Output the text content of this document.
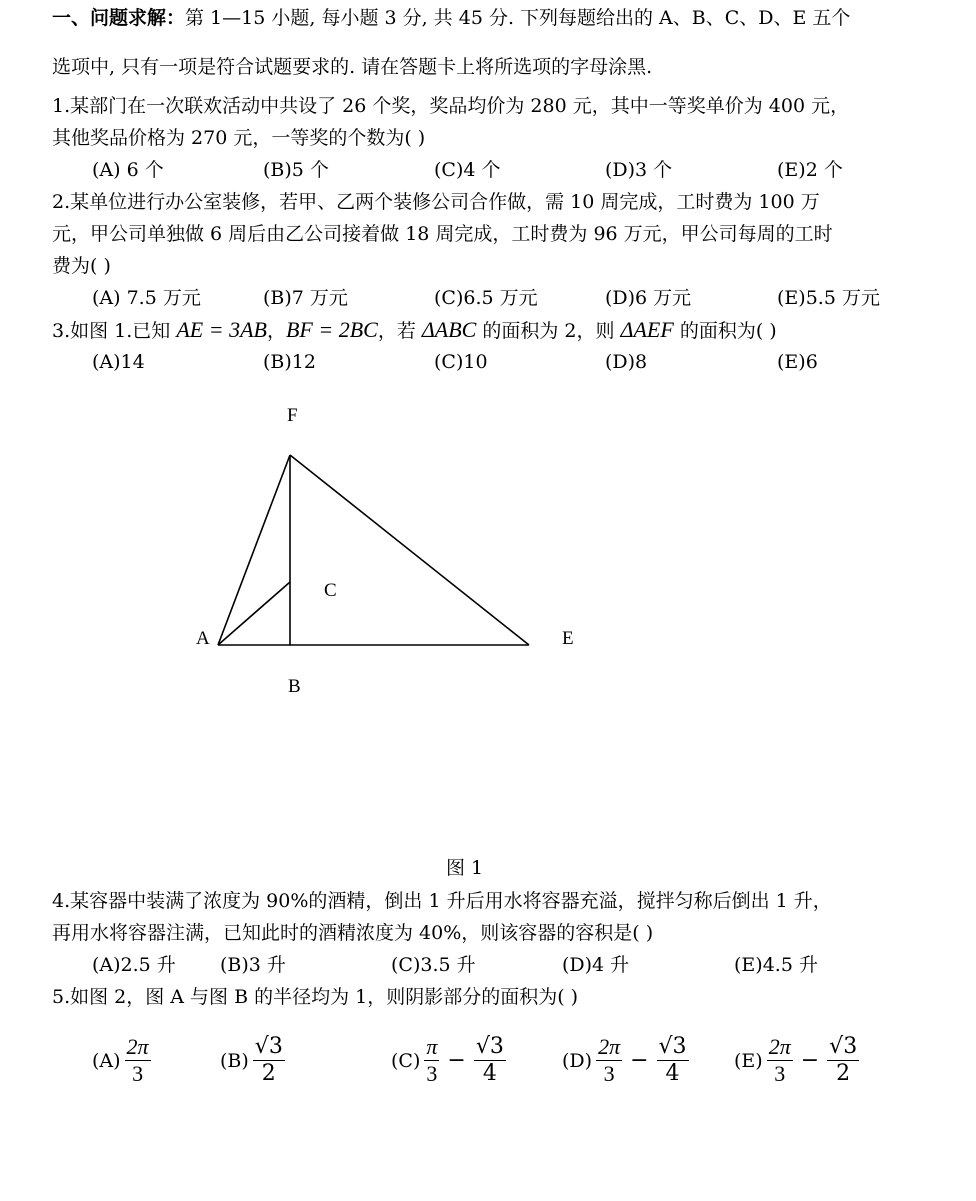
一、问题求解：第 1—15 小题, 每小题 3 分, 共 45 分. 下列每题给出的 A、B、C、D、E 五个
选项中, 只有一项是符合试题要求的. 请在答题卡上将所选项的字母涂黑.
1.某部门在一次联欢活动中共设了 26 个奖，奖品均价为 280 元，其中一等奖单价为 400 元，
其他奖品价格为 270 元，一等奖的个数为( )
(A) 6 个	(B)5 个	(C)4 个	(D)3 个	(E)2 个
2.某单位进行办公室装修，若甲、乙两个装修公司合作做，需 10 周完成，工时费为 100 万
元，甲公司单独做 6 周后由乙公司接着做 18 周完成，工时费为 96 万元，甲公司每周的工时
费为( )
(A) 7.5 万元	(B)7 万元	(C)6.5 万元	(D)6 万元	(E)5.5 万元
3.如图 1.已知 AE = 3AB，BF = 2BC，若 ΔABC 的面积为 2，则 ΔAEF 的面积为( )
(A)14	(B)12	(C)10	(D)8	(E)6
F
C
A	E
B
图 1
4.某容器中装满了浓度为 90%的酒精，倒出 1 升后用水将容器充溢，搅拌匀称后倒出 1 升，
再用水将容器注满，已知此时的酒精浓度为 40%，则该容器的容积是( )
(A)2.5 升 (B)3 升	(C)3.5 升	(D)4 升	(E)4.5 升
5.如图 2，图 A 与图 B 的半径均为 1，则阴影部分的面积为( )
$(A) \frac{2\pi}{3}$	$(B) \frac{√3}{2}$	$(C) \frac{\pi}{3} - \frac{√3}{4}$	$(D) \frac{2\pi}{3} - \frac{√3}{4} (E) \frac{2\pi}{3} - \frac{√3}{2}$
